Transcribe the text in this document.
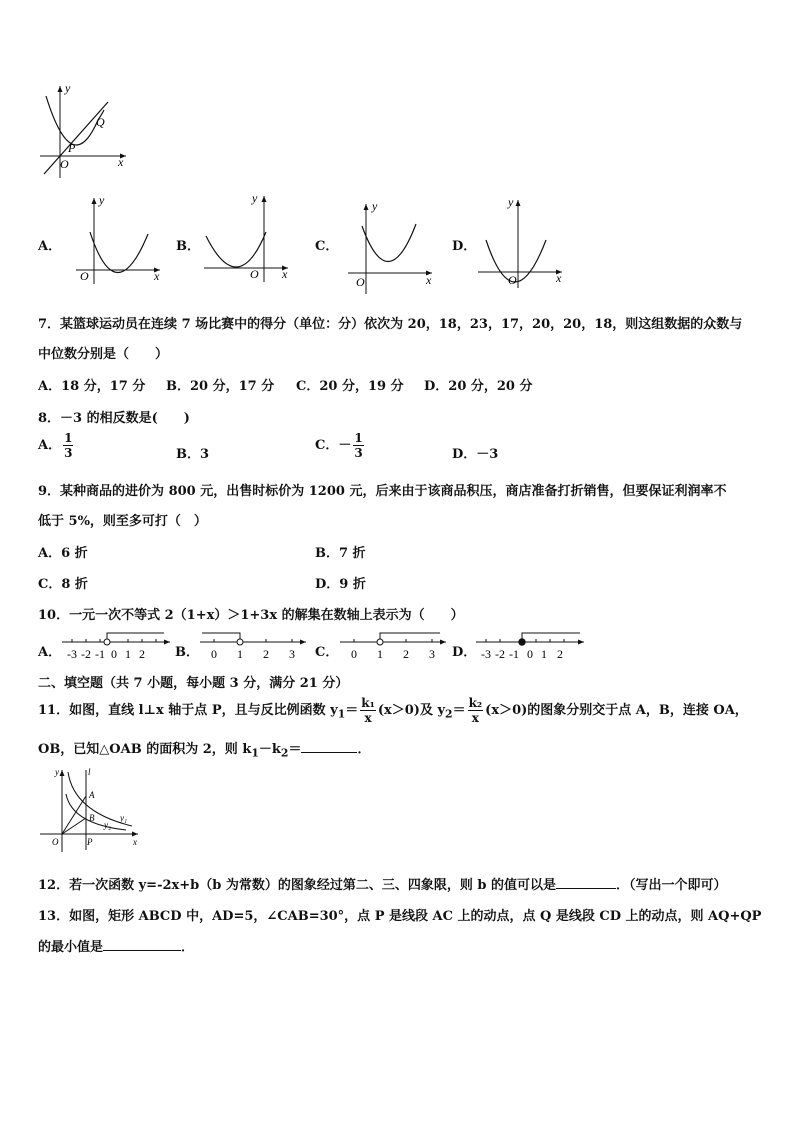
y
x
O
P
Q
A．
y
x
O
B．
y
x
O
C．
y
x
O
D．
y
x
O
7．某篮球运动员在连续 7 场比赛中的得分（单位：分）依次为 20，18，23，17，20，20，18，则这组数据的众数与
中位数分别是（　　）
A．18 分，17 分 B．20 分，17 分 C．20 分，19 分 D．20 分，20 分
8．－3 的相反数是(　　)
A． $\frac{1}{3}$	B．3
C．－ $\frac{1}{3}$	D．－3
9．某种商品的进价为 800 元，出售时标价为 1200 元，后来由于该商品积压，商店准备打折销售，但要保证利润率不
低于 5%，则至多可打（　）
A．6 折	B．7 折
C．8 折	D．9 折
10．一元一次不等式 2（1+x）＞1+3x 的解集在数轴上表示为（　　）
A． -3 -2 -1 0 1 2 B． 0 1 2 3 C． 0 1 2 3 D． -3 -2 -1 0 1 2
二、填空题（共 7 小题，每小题 3 分，满分 21 分）
11．如图，直线 l⊥x 轴于点 P，且与反比例函数 $y_1= \frac{\text{k₁}}{x} (x>0)$及 $y_2= \frac{\text{k₂}}{x} (x>0)$的图象分别交于点 A，B，连接 OA，
OB，已知△OAB 的面积为 2，则 $k_1-k_2=$	．
y	l
A
B	y₁
y₂
O	P	x
12．若一次函数 y=-2x+b（b 为常数）的图象经过第二、三、四象限，则 b 的值可以是	．（写出一个即可）
13．如图，矩形 ABCD 中，AD=5，∠CAB=30°，点 P 是线段 AC 上的动点，点 Q 是线段 CD 上的动点，则 AQ+QP
的最小值是	．
